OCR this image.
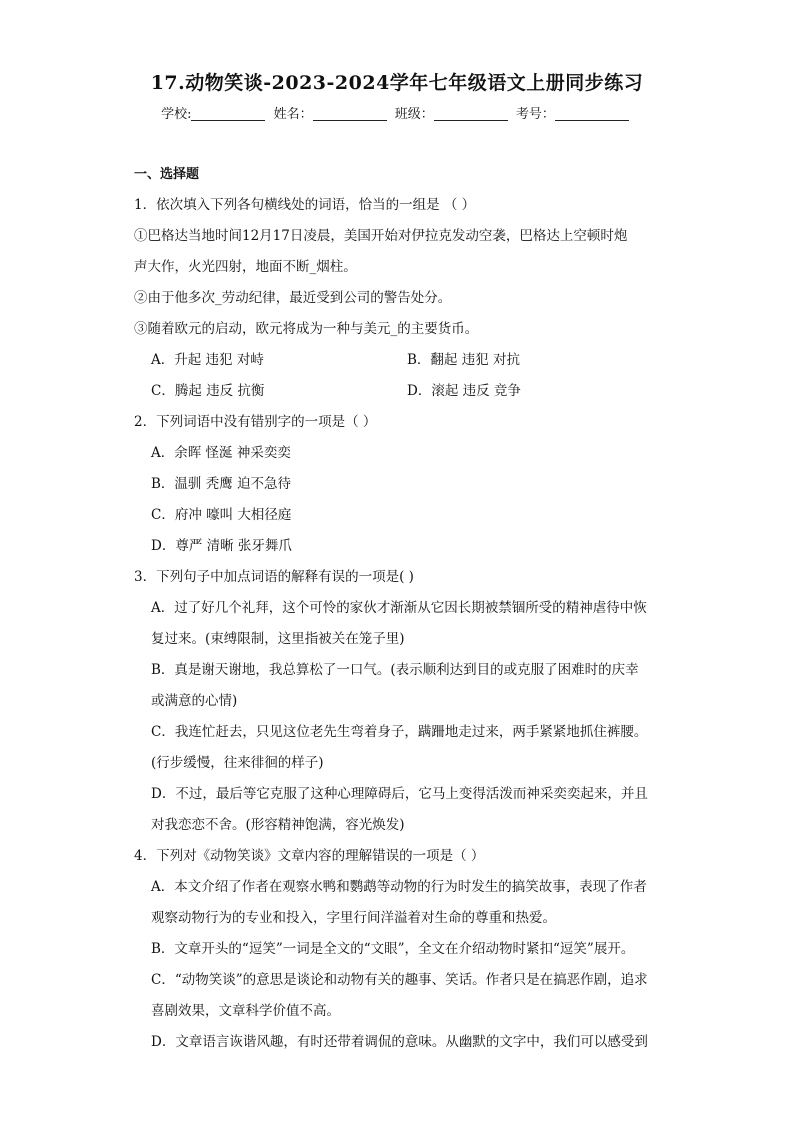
17.动物笑谈-2023-2024学年七年级语文上册同步练习
学校:	姓名：	班级：	考号：
一、选择题
1．依次填入下列各句横线处的词语，恰当的一组是 （ ）
①巴格达当地时间12月17日凌晨，美国开始对伊拉克发动空袭，巴格达上空顿时炮
声大作，火光四射，地面不断_烟柱。
②由于他多次_劳动纪律，最近受到公司的警告处分。
③随着欧元的启动，欧元将成为一种与美元_的主要货币。
A．升起 违犯 对峙	B．翻起 违犯 对抗
C．腾起 违反 抗衡	D．滚起 违反 竞争
2．下列词语中没有错别字的一项是（ ）
A．余晖 怪涎 神采奕奕
B．温驯 秃鹰 迫不急待
C．府冲 嚎叫 大相径庭
D．尊严 清晰 张牙舞爪
3．下列句子中加点词语的解释有误的一项是( )
A．过了好几个礼拜，这个可怜的家伙才渐渐从它因长期被禁锢所受的精神虐待中恢
复过来。(束缚限制，这里指被关在笼子里)
B．真是谢天谢地，我总算松了一口气。(表示顺利达到目的或克服了困难时的庆幸
或满意的心情)
C．我连忙赶去，只见这位老先生弯着身子，蹒跚地走过来，两手紧紧地抓住裤腰。
(行步缓慢，往来徘徊的样子)
D．不过，最后等它克服了这种心理障碍后，它马上变得活泼而神采奕奕起来，并且
对我恋恋不舍。(形容精神饱满，容光焕发)
4．下列对《动物笑谈》文章内容的理解错误的一项是（ ）
A．本文介绍了作者在观察水鸭和鹦鹉等动物的行为时发生的搞笑故事，表现了作者
观察动物行为的专业和投入，字里行间洋溢着对生命的尊重和热爱。
B．文章开头的“逗笑”一词是全文的“文眼”，全文在介绍动物时紧扣“逗笑”展开。
C．“动物笑谈”的意思是谈论和动物有关的趣事、笑话。作者只是在搞恶作剧，追求
喜剧效果，文章科学价值不高。
D．文章语言诙谐风趣，有时还带着调侃的意味。从幽默的文字中，我们可以感受到
